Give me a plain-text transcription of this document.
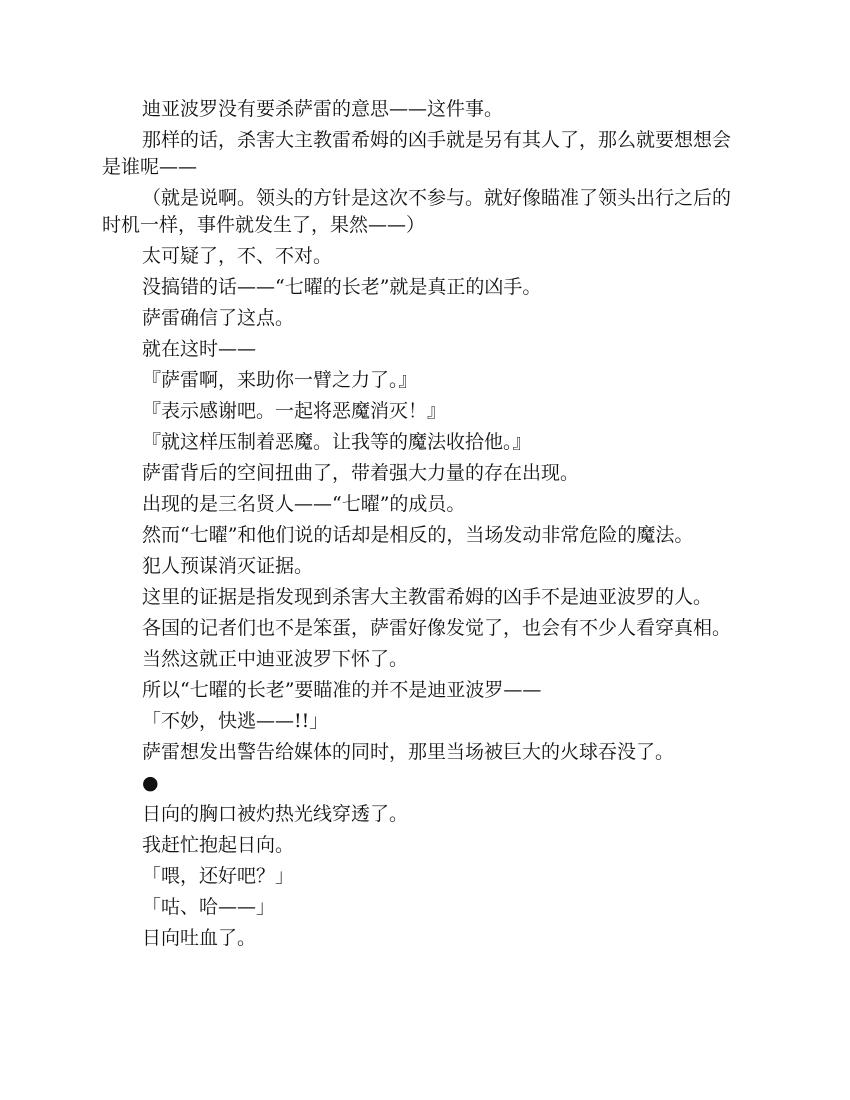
迪亚波罗没有要杀萨雷的意思——这件事。

那样的话，杀害大主教雷希姆的凶手就是另有其人了，那么就要想想会是谁呢——

（就是说啊。领头的方针是这次不参与。就好像瞄准了领头出行之后的时机一样，事件就发生了，果然——）

太可疑了，不、不对。

没搞错的话——“七曜的长老”就是真正的凶手。

萨雷确信了这点。

就在这时——

『萨雷啊，来助你一臂之力了。』

『表示感谢吧。一起将恶魔消灭！』

『就这样压制着恶魔。让我等的魔法收拾他。』

萨雷背后的空间扭曲了，带着强大力量的存在出现。

出现的是三名贤人——“七曜”的成员。

然而“七曜”和他们说的话却是相反的，当场发动非常危险的魔法。

犯人预谋消灭证据。

这里的证据是指发现到杀害大主教雷希姆的凶手不是迪亚波罗的人。

各国的记者们也不是笨蛋，萨雷好像发觉了，也会有不少人看穿真相。

当然这就正中迪亚波罗下怀了。

所以“七曜的长老”要瞄准的并不是迪亚波罗——

「不妙，快逃——!!」

萨雷想发出警告给媒体的同时，那里当场被巨大的火球吞没了。

●

日向的胸口被灼热光线穿透了。

我赶忙抱起日向。

「喂，还好吧？」

「咕、哈——」

日向吐血了。
